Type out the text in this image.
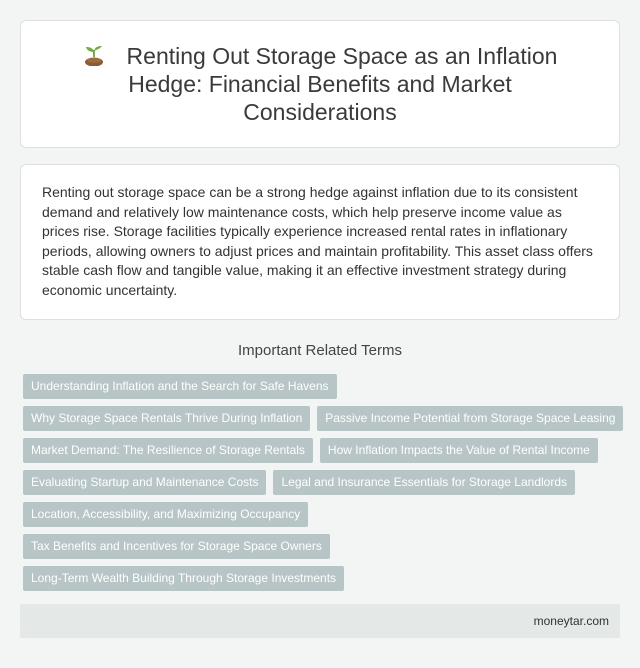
Renting Out Storage Space as an Inflation Hedge: Financial Benefits and Market Considerations

Renting out storage space can be a strong hedge against inflation due to its consistent demand and relatively low maintenance costs, which help preserve income value as prices rise. Storage facilities typically experience increased rental rates in inflationary periods, allowing owners to adjust prices and maintain profitability. This asset class offers stable cash flow and tangible value, making it an effective investment strategy during economic uncertainty.

Important Related Terms
Understanding Inflation and the Search for Safe Havens
Why Storage Space Rentals Thrive During Inflation	Passive Income Potential from Storage Space Leasing
Market Demand: The Resilience of Storage Rentals	How Inflation Impacts the Value of Rental Income
Evaluating Startup and Maintenance Costs	Legal and Insurance Essentials for Storage Landlords
Location, Accessibility, and Maximizing Occupancy
Tax Benefits and Incentives for Storage Space Owners
Long-Term Wealth Building Through Storage Investments
moneytar.com
